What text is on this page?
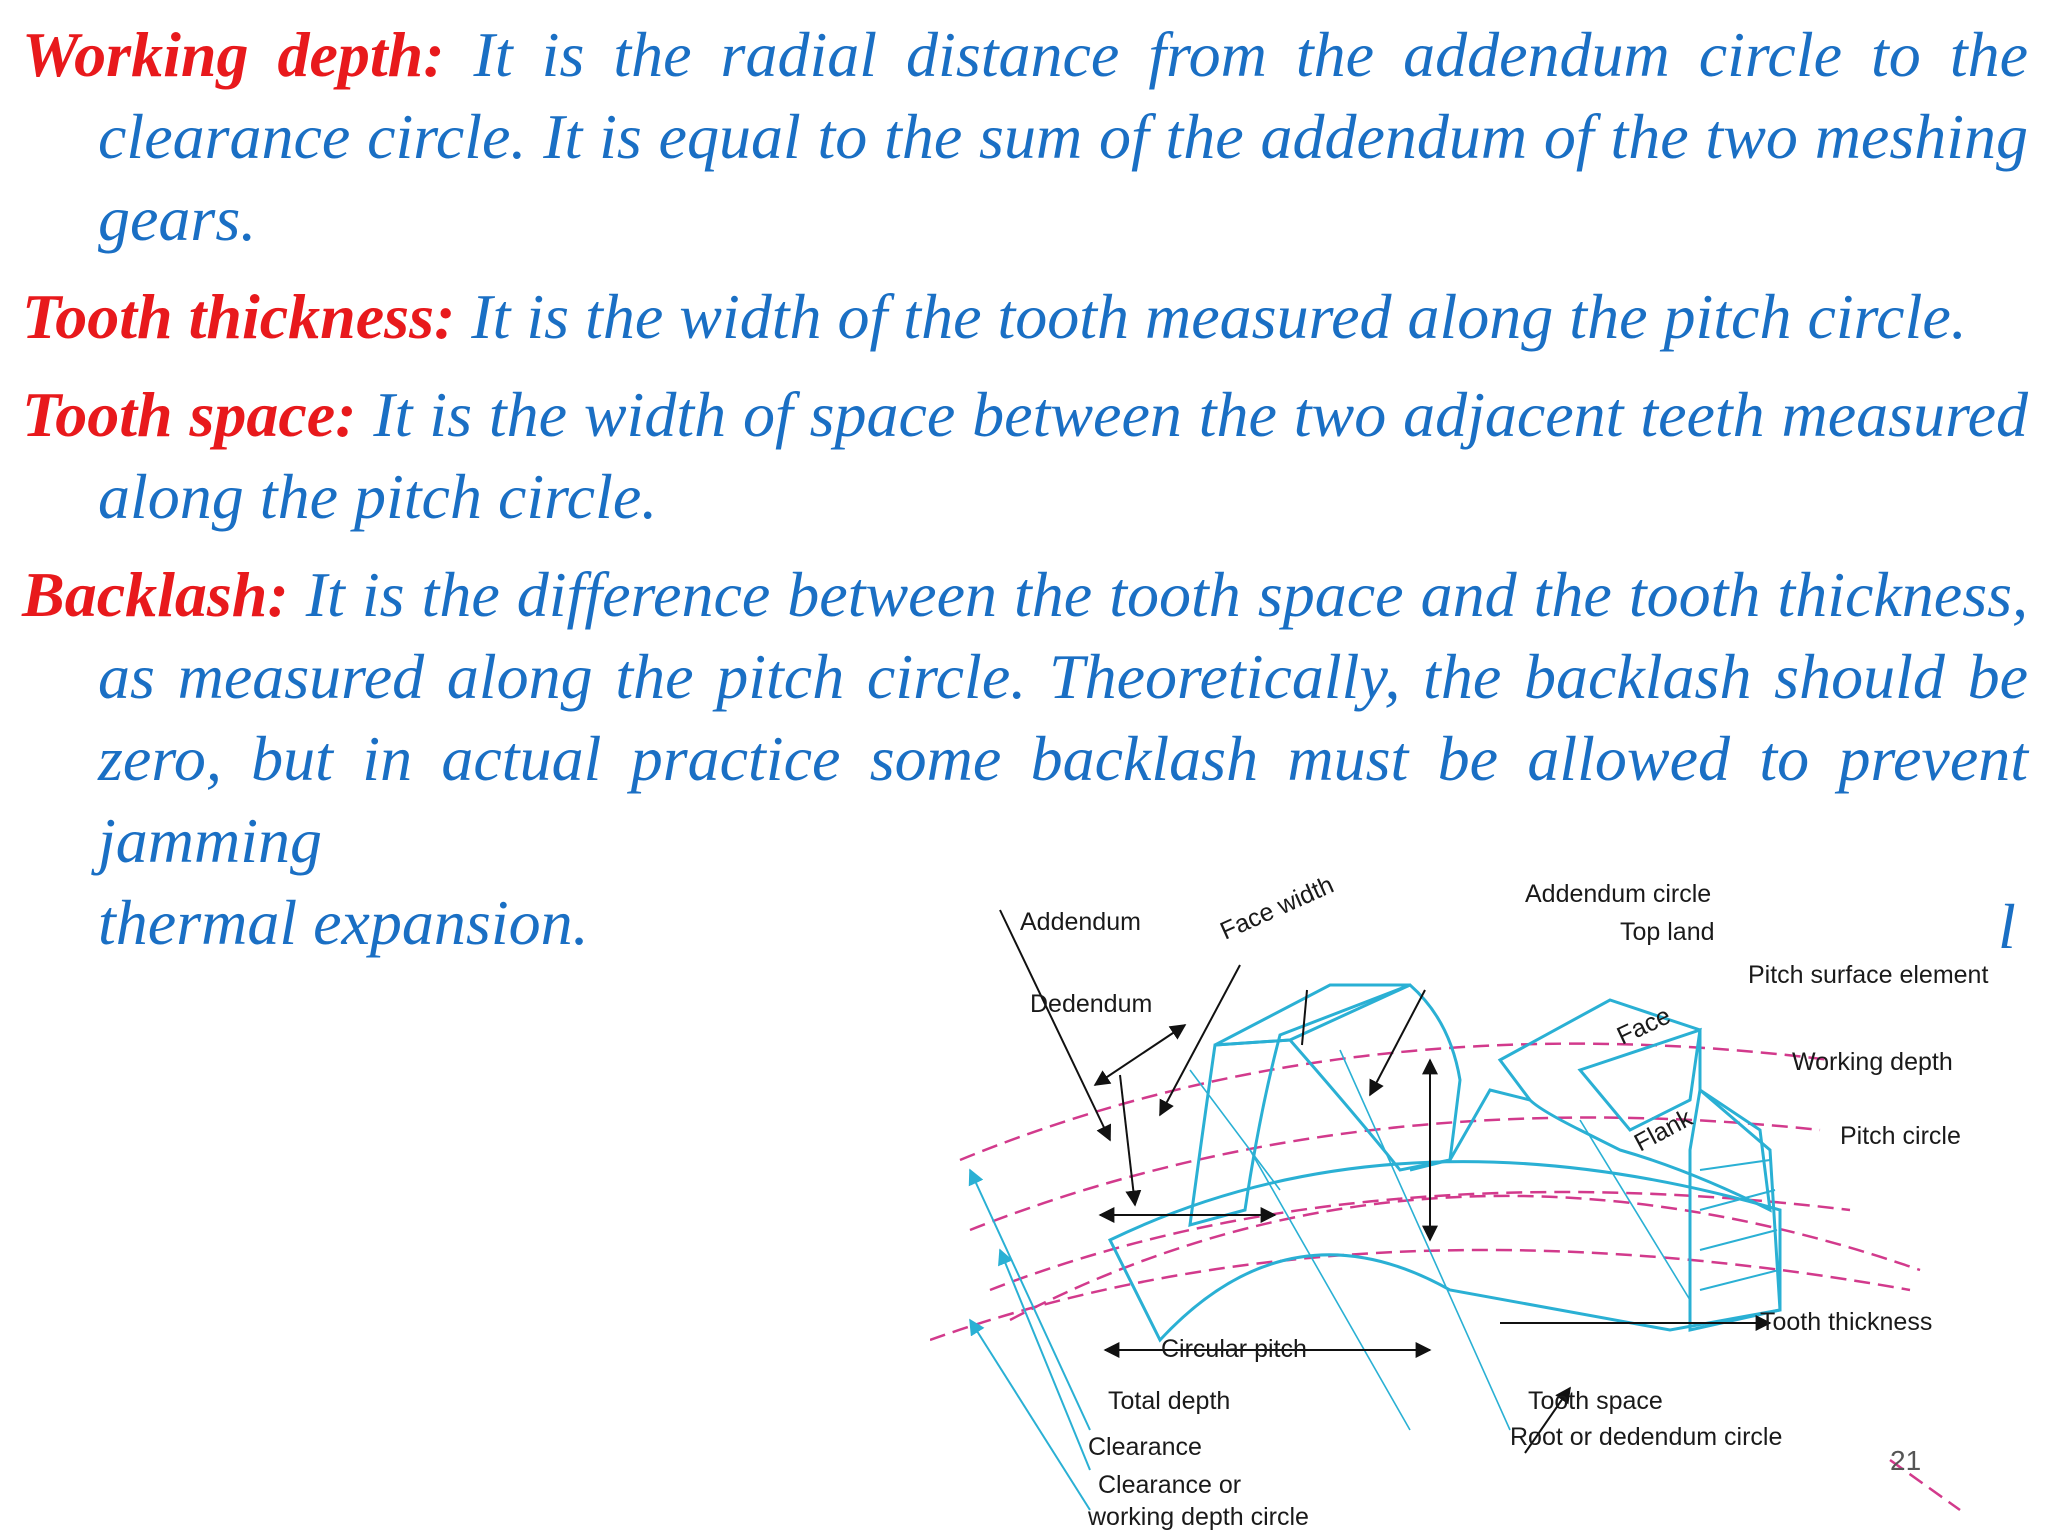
Working depth: It is the radial distance from the addendum circle to the clearance circle. It is equal to the sum of the addendum of the two meshing gears.

Tooth thickness: It is the width of the tooth measured along the pitch circle.

Tooth space: It is the width of space between the two adjacent teeth measured along the pitch circle.

Backlash: It is the difference between the tooth space and the tooth thickness, as measured along the pitch circle. Theoretically, the backlash should be zero, but in actual practice some backlash must be allowed to prevent jamming

thermal expansion.	l
Addendum
Dedendum
Face width	Addendum circle
Top land
Pitch surface element
Face
Working depth
Flank	Pitch circle
Tooth thickness
Circular pitch
Total depth	Tooth space
Clearance	Root or dedendum circle
Clearance or
working depth circle
21
